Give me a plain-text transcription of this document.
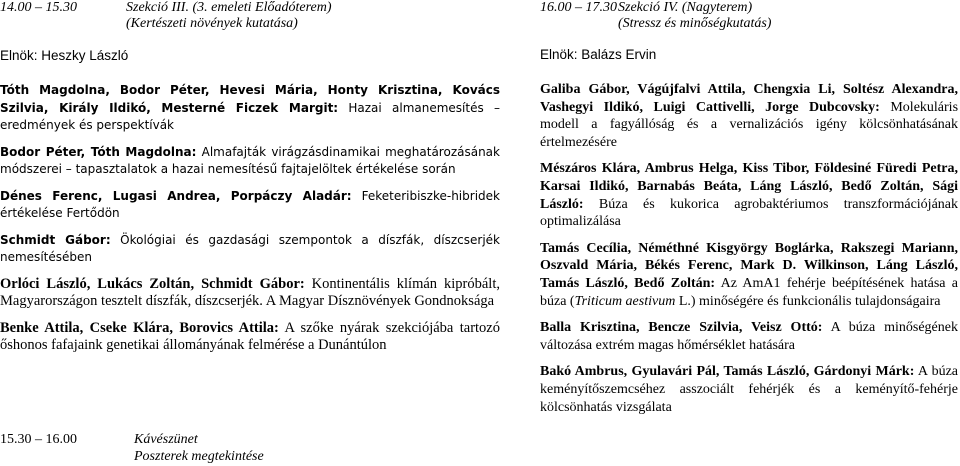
14.00 – 15.30	Szekció III. (3. emeleti Előadóterem)
(Kertészeti növények kutatása)
Elnök: Heszky László

Tóth Magdolna, Bodor Péter, Hevesi Mária, Honty Krisztina, Kovács Szilvia, Király Ildikó, Mesterné Ficzek Margit: Hazai almanemesítés – eredmények és perspektívák

Bodor Péter, Tóth Magdolna: Almafajták virágzásdinamikai meghatározásának módszerei – tapasztalatok a hazai nemesítésű fajtajelöltek értékelése során

Dénes Ferenc, Lugasi Andrea, Porpáczy Aladár: Feketeribiszke-hibridek értékelése Fertődön

Schmidt Gábor: Ökológiai és gazdasági szempontok a díszfák, díszcserjék nemesítésében

Orlóci László, Lukács Zoltán, Schmidt Gábor: Kontinentális klímán kipróbált, Magyarországon tesztelt díszfák, díszcserjék. A Magyar Dísznövények Gondnoksága

Benke Attila, Cseke Klára, Borovics Attila: A szőke nyárak szekciójába tartozó őshonos fafajaink genetikai állományának felmérése a Dunántúlon

15.30 – 16.00	Kávészünet
Poszterek megtekintése
16.00 – 17.30 Szekció IV. (Nagyterem)
(Stressz és minőségkutatás)
Elnök: Balázs Ervin

Galiba Gábor, Vágújfalvi Attila, Chengxia Li, Soltész Alexandra, Vashegyi Ildikó, Luigi Cattivelli, Jorge Dubcovsky: Molekuláris modell a fagyállóság és a vernalizációs igény kölcsönhatásának értelmezésére

Mészáros Klára, Ambrus Helga, Kiss Tibor, Földesiné Füredi Petra, Karsai Ildikó, Barnabás Beáta, Láng László, Bedő Zoltán, Sági László: Búza és kukorica agrobaktériumos transzformációjának optimalizálása

Tamás Cecília, Néméthné Kisgyörgy Boglárka, Rakszegi Mariann, Oszvald Mária, Békés Ferenc, Mark D. Wilkinson, Láng László, Tamás László, Bedő Zoltán: Az AmA1 fehérje beépítésének hatása a búza (Triticum aestivum L.) minőségére és funkcionális tulajdonságaira

Balla Krisztina, Bencze Szilvia, Veisz Ottó: A búza minőségének változása extrém magas hőmérséklet hatására

Bakó Ambrus, Gyulavári Pál, Tamás László, Gárdonyi Márk: A búza keményítőszemcséhez asszociált fehérjék és a keményítő-fehérje kölcsönhatás vizsgálata
